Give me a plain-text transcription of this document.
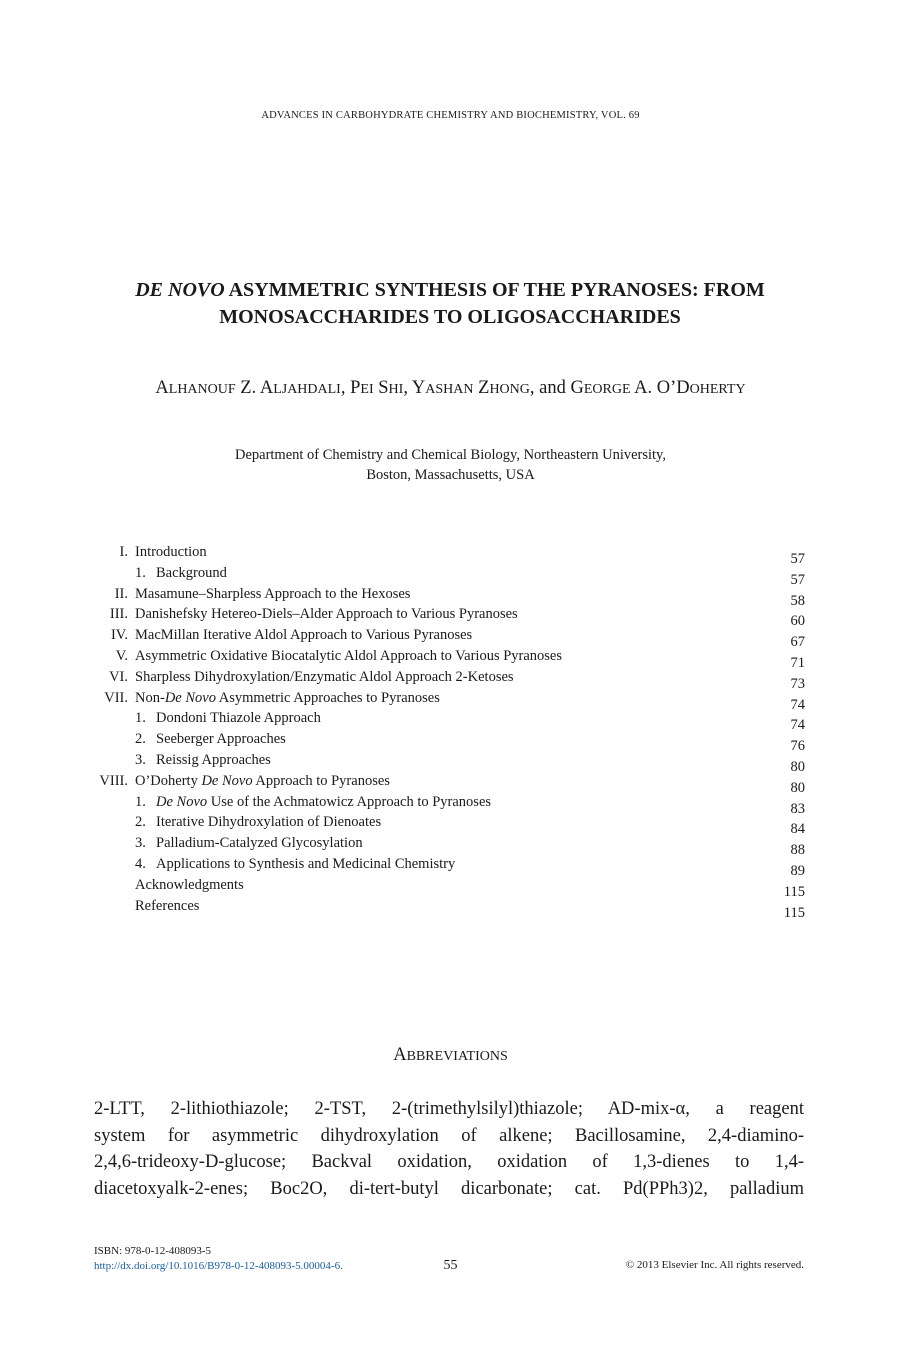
ADVANCES IN CARBOHYDRATE CHEMISTRY AND BIOCHEMISTRY, VOL. 69
DE NOVO ASYMMETRIC SYNTHESIS OF THE PYRANOSES: FROM
MONOSACCHARIDES TO OLIGOSACCHARIDES
ALHANOUF Z. ALJAHDALI, PEI SHI, YASHAN ZHONG, and GEORGE A. O’DOHERTY
Department of Chemistry and Chemical Biology, Northeastern University,
Boston, Massachusetts, USA
I. Introduction	57
1. Background	57
II. Masamune–Sharpless Approach to the Hexoses	58
III. Danishefsky Hetereo-Diels–Alder Approach to Various Pyranoses	60
IV. MacMillan Iterative Aldol Approach to Various Pyranoses	67
V. Asymmetric Oxidative Biocatalytic Aldol Approach to Various Pyranoses	71
VI. Sharpless Dihydroxylation/Enzymatic Aldol Approach 2-Ketoses	73
VII. Non-De Novo Asymmetric Approaches to Pyranoses	74
1. Dondoni Thiazole Approach	74
2. Seeberger Approaches	76
3. Reissig Approaches	80
VIII. O’Doherty De Novo Approach to Pyranoses	80
1. De Novo Use of the Achmatowicz Approach to Pyranoses	83
2. Iterative Dihydroxylation of Dienoates	84
3. Palladium-Catalyzed Glycosylation	88
4. Applications to Synthesis and Medicinal Chemistry	89
Acknowledgments	115
References	115
ABBREVIATIONS
2-LTT, 2-lithiothiazole; 2-TST, 2-(trimethylsilyl)thiazole; AD-mix-α, a reagent
system for asymmetric dihydroxylation of alkene; Bacillosamine, 2,4-diamino-
2,4,6-trideoxy-D-glucose; Backval oxidation, oxidation of 1,3-dienes to 1,4-
diacetoxyalk-2-enes; Boc2O, di-tert-butyl dicarbonate; cat. Pd(PPh3)2, palladium
ISBN: 978-0-12-408093-5
http://dx.doi.org/10.1016/B978-0-12-408093-5.00004-6.	55	© 2013 Elsevier Inc. All rights reserved.
